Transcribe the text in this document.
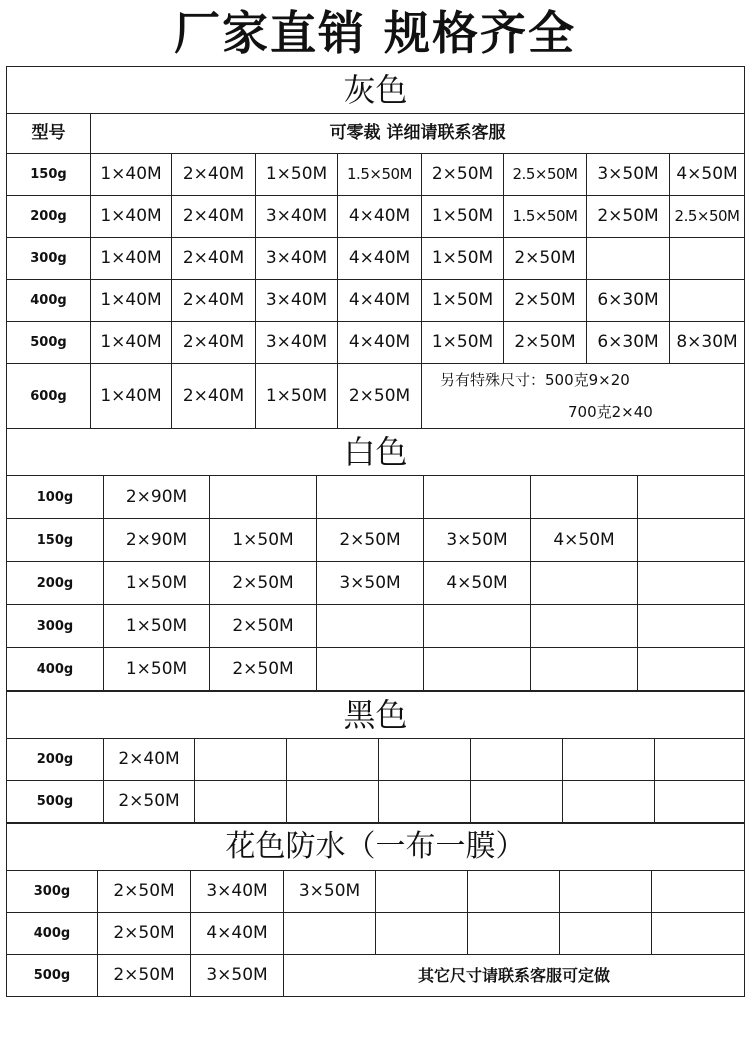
厂家直销 规格齐全
灰色								
型号	可零裁 详细请联系客服							
150g	1×40M	2×40M	1×50M	1.5×50M	2×50M	2.5×50M	3×50M	4×50M
200g	1×40M	2×40M	3×40M	4×40M	1×50M	1.5×50M	2×50M	2.5×50M
300g	1×40M	2×40M	3×40M	4×40M	1×50M	2×50M		
400g	1×40M	2×40M	3×40M	4×40M	1×50M	2×50M	6×30M	
500g	1×40M	2×40M	3×40M	4×40M	1×50M	2×50M	6×30M	8×30M
600g	1×40M	2×40M	1×50M	2×50M	另有特殊尺寸：500克9×20
700克2×40			
白色						
100g	2×90M					
150g	2×90M	1×50M	2×50M	3×50M	4×50M	
200g	1×50M	2×50M	3×50M	4×50M		
300g	1×50M	2×50M				
400g	1×50M	2×50M				
黑色								
200g	2×40M							
500g	2×50M							
花色防水（一布一膜）								
300g	2×50M	3×40M	3×50M					
400g	2×50M	4×40M						
500g	2×50M	3×50M	其它尺寸请联系客服可定做					
